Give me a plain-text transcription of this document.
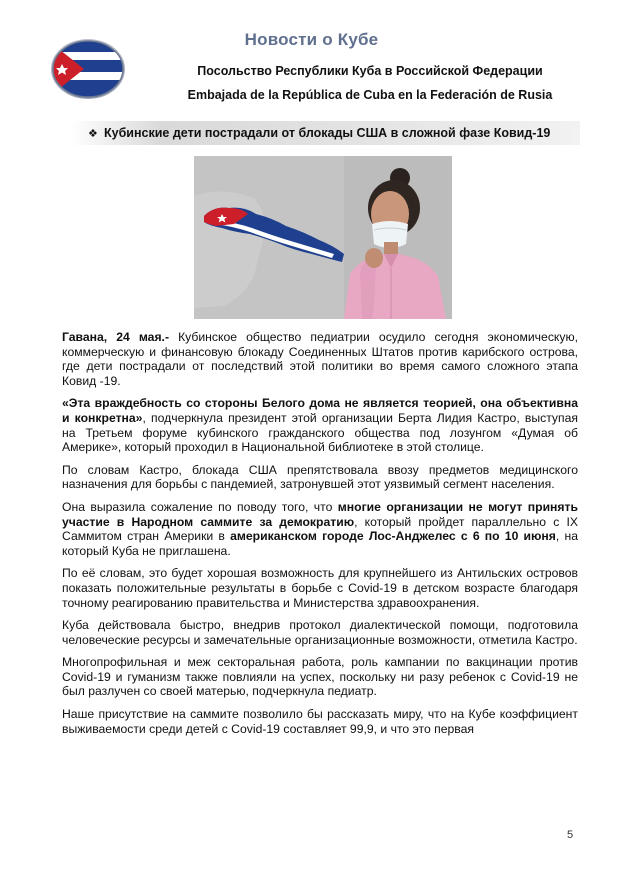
Новости о Кубе
Посольство Республики Куба в Российской Федерации
Embajada de la República de Cuba en la Federación de Rusia
❖ Кубинские дети пострадали от блокады США в сложной фазе Ковид-19

Гавана, 24 мая.- Кубинское общество педиатрии осудило сегодня экономическую, коммерческую и финансовую блокаду Соединенных Штатов против карибского острова, где дети пострадали от последствий этой политики во время самого сложного этапа Ковид -19.

«Эта враждебность со стороны Белого дома не является теорией, она объективна и конкретна», подчеркнула президент этой организации Берта Лидия Кастро, выступая на Третьем форуме кубинского гражданского общества под лозунгом «Думая об Америке», который проходил в Национальной библиотеке в этой столице.

По словам Кастро, блокада США препятствовала ввозу предметов медицинского назначения для борьбы с пандемией, затронувшей этот уязвимый сегмент населения.

Она выразила сожаление по поводу того, что многие организации не могут принять участие в Народном саммите за демократию, который пройдет параллельно с IX Саммитом стран Америки в американском городе Лос-Анджелес с 6 по 10 июня, на который Куба не приглашена.

По её словам, это будет хорошая возможность для крупнейшего из Антильских островов показать положительные результаты в борьбе с Covid-19 в детском возрасте благодаря точному реагированию правительства и Министерства здравоохранения.

Куба действовала быстро, внедрив протокол диалектической помощи, подготовила человеческие ресурсы и замечательные организационные возможности, отметила Кастро.

Многопрофильная и меж секторальная работа, роль кампании по вакцинации против Covid-19 и гуманизм также повлияли на успех, поскольку ни разу ребенок с Covid-19 не был разлучен со своей матерью, подчеркнула педиатр.

Наше присутствие на саммите позволило бы рассказать миру, что на Кубе коэффициент выживаемости среди детей с Covid-19 составляет 99,9, и что это первая

5
